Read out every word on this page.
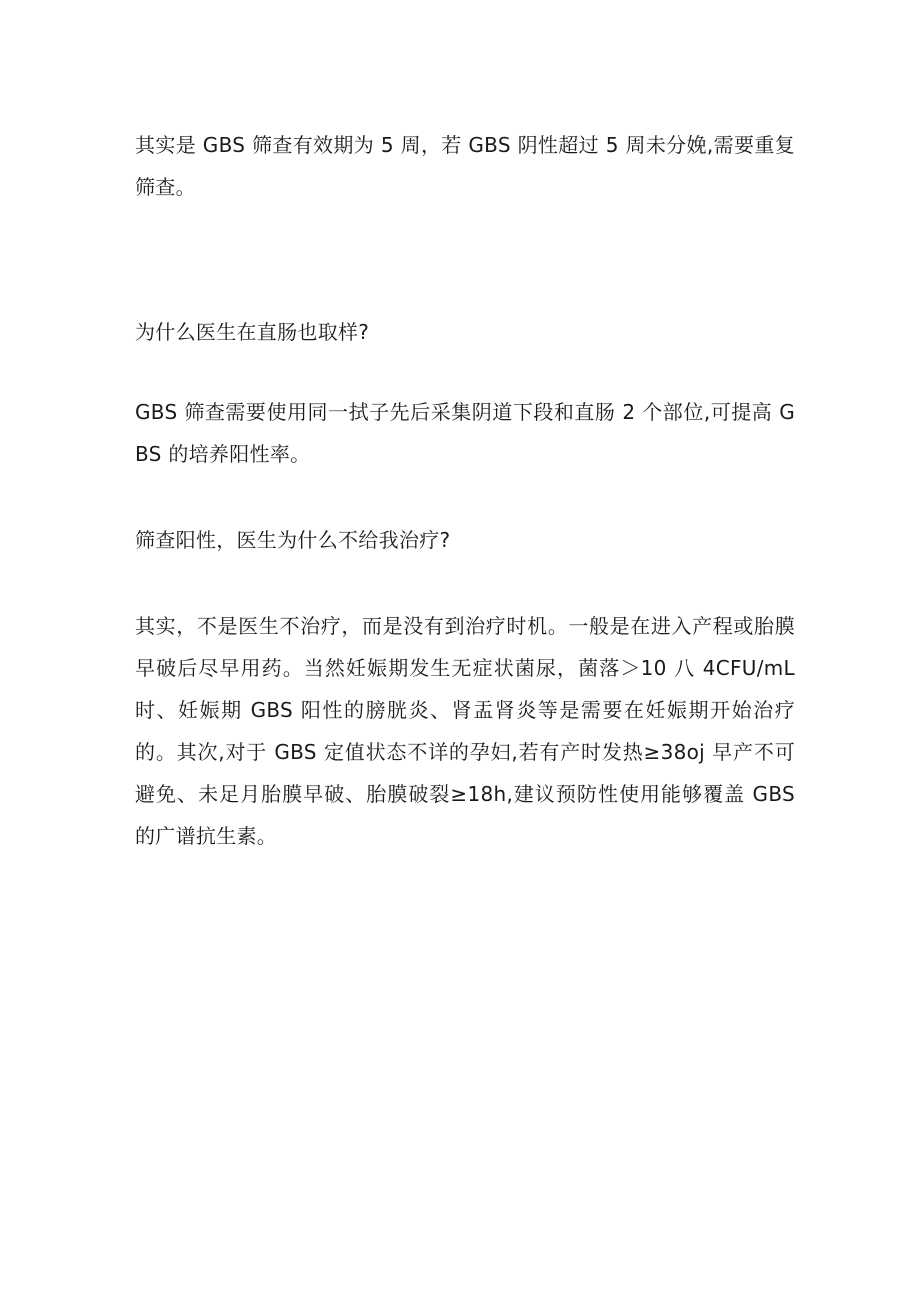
其实是 GBS 筛查有效期为 5 周，若 GBS 阴性超过 5 周未分娩,需要重复筛查。

为什么医生在直肠也取样?

GBS 筛查需要使用同一拭子先后采集阴道下段和直肠 2 个部位,可提高 GBS 的培养阳性率。

筛查阳性，医生为什么不给我治疗?

其实，不是医生不治疗，而是没有到治疗时机。一般是在进入产程或胎膜早破后尽早用药。当然妊娠期发生无症状菌尿，菌落＞10 八 4CFU/mL 时、妊娠期 GBS 阳性的膀胱炎、肾盂肾炎等是需要在妊娠期开始治疗的。其次,对于 GBS 定值状态不详的孕妇,若有产时发热≥38oj 早产不可避免、未足月胎膜早破、胎膜破裂≥18h,建议预防性使用能够覆盖 GBS 的广谱抗生素。
